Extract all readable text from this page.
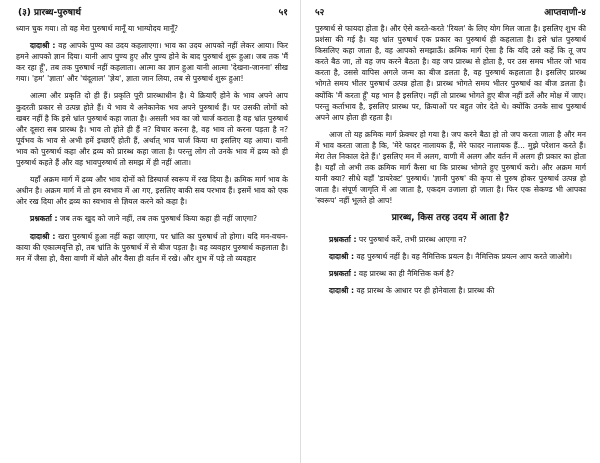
(३) प्रारब्ध-पुरुषार्थ	५१

ध्यान चुक गया। तो वह मेरा पुरुषार्थ मानूँ या भाग्योदय मानूँ?

दादाश्री : वह आपके पुण्य का उदय कहलाएगा। भाव का उदय आपको नहीं लेकर आया। फिर हमने आपको ज्ञान दिया। यानी आप पुण्य हुए और पुण्य होने के बाद पुरुषार्थ शुरू हुआ। जब तक 'मैं कर रहा हूँ', तब तक पुरुषार्थ नहीं कहलाता। आत्मा का ज्ञान हुआ यानी आत्मा 'देखना-जानना' सीख गया। 'हम' 'ज्ञाता' और 'चंदूलाल' 'ज्ञेय', ज्ञाता जान लिया, तब से पुरुषार्थ शुरू हुआ!

आत्मा और प्रकृति दो ही हैं। प्रकृति पूरी प्रारब्धाधीन है। ये क्रियाएँ होने के भाव अपने आप कुदरती प्रकार से उत्पन्न होते हैं। ये भाव ये अनेकानेक भव अपने पुरुषार्थ हैं। पर उसकी लोगों को खबर नहीं है कि इसे भ्रांत पुरुषार्थ कहा जाता है। असली भव का जो चार्ज कराता है वह भ्रांत पुरुषार्थ और दूसरा सब प्रारब्ध है। भाव तो होते ही हैं न? विचार करना है, वह भाव तो करना पड़ता है न? पूर्वभव के भाव से अभी हमें इच्छाएँ होती हैं, अर्थात् भाव चार्ज किया था इसलिए यह आया। यानी भाव को पुरुषार्थ कहा और द्रव्य को प्रारब्ध कहा जाता है। परन्तु लोग तो उनके भाव में द्रव्य को ही पुरुषार्थ कहते हैं और वह भावपुरुषार्थ तो समझ में ही नहीं आता।

यहाँ अक्रम मार्ग में द्रव्य और भाव दोनों को डिस्चार्ज स्वरूप में रख दिया है। क्रमिक मार्ग भाव के अधीन है। अक्रम मार्ग में तो हम स्वभाव में आ गए, इसलिए बाकी सब परभाव हैं। इसमें भाव को एक ओर रख दिया और द्रव्य का स्वभाव से ज्ञियल करने को कहा है।

प्रश्नकर्ता : जब तक खुद को जाने नहीं, तब तक पुरुषार्थ किया कहा ही नहीं जाएगा?

दादाश्री : खरा पुरुषार्थ हुआ नहीं कहा जाएगा, पर भ्रांति का पुरुषार्थ तो होगा। यदि मन-वचन-काया की एकात्मवृत्ति हो, तब भ्रांति के पुरुषार्थ में से बीज पड़ता है। वह व्यवहार पुरुषार्थ कहलाता है। मन में जैसा हो, वैसा वाणी में बोले और वैसा ही वर्तन में रखे। और शुभ में पड़े तो व्यवहार

५२	आप्तवाणी-४

पुरुषार्थ से फायदा होता है। और ऐसे करते-करते 'रियल' के लिए योग मिल जाता है। इसलिए शुभ की प्रशंसा की गई है। यह भ्रांत पुरुषार्थ एक प्रकार का पुरुषार्थ ही कहलाता है। इसे भ्रांत पुरुषार्थ किसलिए कहा जाता है, वह आपको समझाऊँ। क्रमिक मार्ग ऐसा है कि यदि उसे कहें कि तू जप करते बैठ जा, तो वह जप करने बैठता है। वह जप प्रारब्ध से होता है, पर उस समय भीतर जो भाव करता है, उससे वापिस अगले जन्म का बीज डलता है, वह पुरुषार्थ कहलाता है। इसलिए प्रारब्ध भोगते समय भीतर पुरुषार्थ उत्पन्न होता है। प्रारब्ध भोगते समय भीतर पुरुषार्थ का बीज डलता है। क्योंकि 'मैं करता हूँ' यह भान है इसलिए। नहीं तो प्रारब्ध भोगते हुए बीज नहीं डलें और मोक्ष में जाए। परन्तु कर्ताभाव है, इसलिए प्रारब्ध पर, क्रियाओं पर बहुत जोर देते थे। क्योंकि उनके साथ पुरुषार्थ अपने आप होता ही रहता है।

आज तो यह क्रमिक मार्ग फ्रेक्चर हो गया है। जप करने बैठा हो तो जप करता जाता है और मन में भाव करता जाता है कि, 'मेरे फादर नालायक हैं, मेरे फादर नालायक हैं... मुझे परेशान करते हैं। मेरा तेल निकाल देते हैं।' इसलिए मन में अलग, वाणी में अलग और वर्तन में अलग ही प्रकार का होता है। यहाँ तो अभी तक क्रमिक मार्ग कैसा था कि प्रारब्ध भोगते हुए पुरुषार्थ करो। और अक्रम मार्ग यानी क्या? सीधे यहाँ 'डायरेक्ट' पुरुषार्थ। 'ज्ञानी पुरुष' की कृपा से पुरुष होकर पुरुषार्थ उत्पन्न हो जाता है। संपूर्ण जागृति में आ जाता है, एकदम उजाला हो जाता है। फिर एक सेकण्ड भी आपका 'स्वरूप' नहीं भूलते हो आप!

प्रारब्ध, किस तरह उदय में आता है?

प्रश्नकर्ता : पर पुरुषार्थ करें, तभी प्रारब्ध आएगा न?

दादाश्री : वह पुरुषार्थ नहीं है। वह नैमित्तिक प्रयत्न है। नैमित्तिक प्रयत्न आप करते जाओगे।

प्रश्नकर्ता : वह प्रारब्ध का ही नैमित्तिक कर्म है?

दादाश्री : वह प्रारब्ध के आधार पर ही होनेवाला है। प्रारब्ध की
